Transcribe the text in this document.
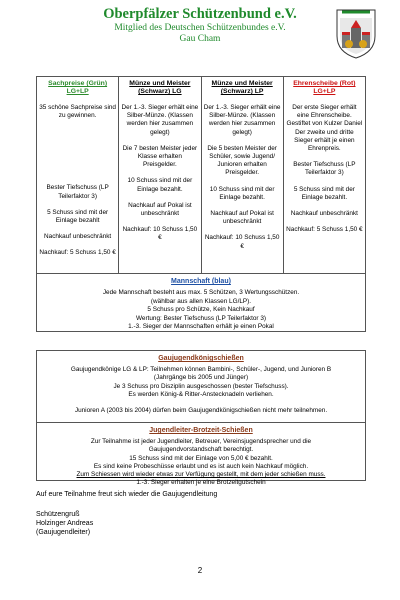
Oberpfälzer Schützenbund e.V.
Mitglied des Deutschen Schützenbundes e.V.
Gau Cham
Sachpreise (Grün) LG+LP
35 schöne Sachpreise sind zu gewinnen.
Bester Tiefschuss (LP Teilerfaktor 3)
5 Schuss sind mit der Einlage bezahlt
Nachkauf unbeschränkt
Nachkauf: 5 Schuss 1,50 €
Münze und Meister (Schwarz) LG
Der 1.-3. Sieger erhält eine Silber-Münze. (Klassen werden hier zusammen gelegt)
Die 7 besten Meister jeder Klasse erhalten Preisgelder.
10 Schuss sind mit der Einlage bezahlt.
Nachkauf auf Pokal ist unbeschränkt
Nachkauf: 10 Schuss 1,50 €
Münze und Meister (Schwarz) LP
Der 1.-3. Sieger erhält eine Silber-Münze. (Klassen werden hier zusammen gelegt)
Die 5 besten Meister der Schüler, sowie Jugend/ Junioren erhalten Preisgelder.
10 Schuss sind mit der Einlage bezahlt.
Nachkauf auf Pokal ist unbeschränkt
Nachkauf: 10 Schuss 1,50 €
Ehrenscheibe (Rot) LG+LP
Der erste Sieger erhält eine Ehrenscheibe. Gestiftet von Kulzer Daniel
Der zweite und dritte Sieger erhält je einen Ehrenpreis.
Bester Tiefschuss (LP Teilerfaktor 3)
5 Schuss sind mit der Einlage bezahlt.
Nachkauf unbeschränkt
Nachkauf: 5 Schuss 1,50 €
Mannschaft (blau)
Jede Mannschaft besteht aus max. 5 Schützen, 3 Wertungsschützen.
(wählbar aus allen Klassen LG/LP).
5 Schuss pro Schütze, Kein Nachkauf
Wertung: Bester Tiefschuss (LP Teilerfaktor 3)
1.-3. Sieger der Mannschaften erhält je einen Pokal
Gaujugendkönigschießen
Gaujugendkönige LG & LP: Teilnehmen können Bambini-, Schüler-, Jugend, und Junioren B
(Jahrgänge bis 2005 und Jünger)
Je 3 Schuss pro Disziplin ausgeschossen (bester Tiefschuss).
Es werden König-& Ritter-Anstecknadeln verliehen.
Junioren A (2003 bis 2004) dürfen beim Gaujugendkönigschießen nicht mehr teilnehmen.
Jugendleiter-Brotzeit-Schießen
Zur Teilnahme ist jeder Jugendleiter, Betreuer, Vereinsjugendsprecher und die
Gaujugendvorstandschaft berechtigt.
15 Schuss sind mit der Einlage von 5,00 € bezahlt.
Es sind keine Probeschüsse erlaubt und es ist auch kein Nachkauf möglich.
Zum Schiessen wird wieder etwas zur Verfügung gestellt, mit dem jeder schießen muss.
1.-3. Sieger erhalten je eine Brotzeitgutschein
Auf eure Teilnahme freut sich wieder die Gaujugendleitung
Schützengruß
Holzinger Andreas
(Gaujugendleiter)
2
